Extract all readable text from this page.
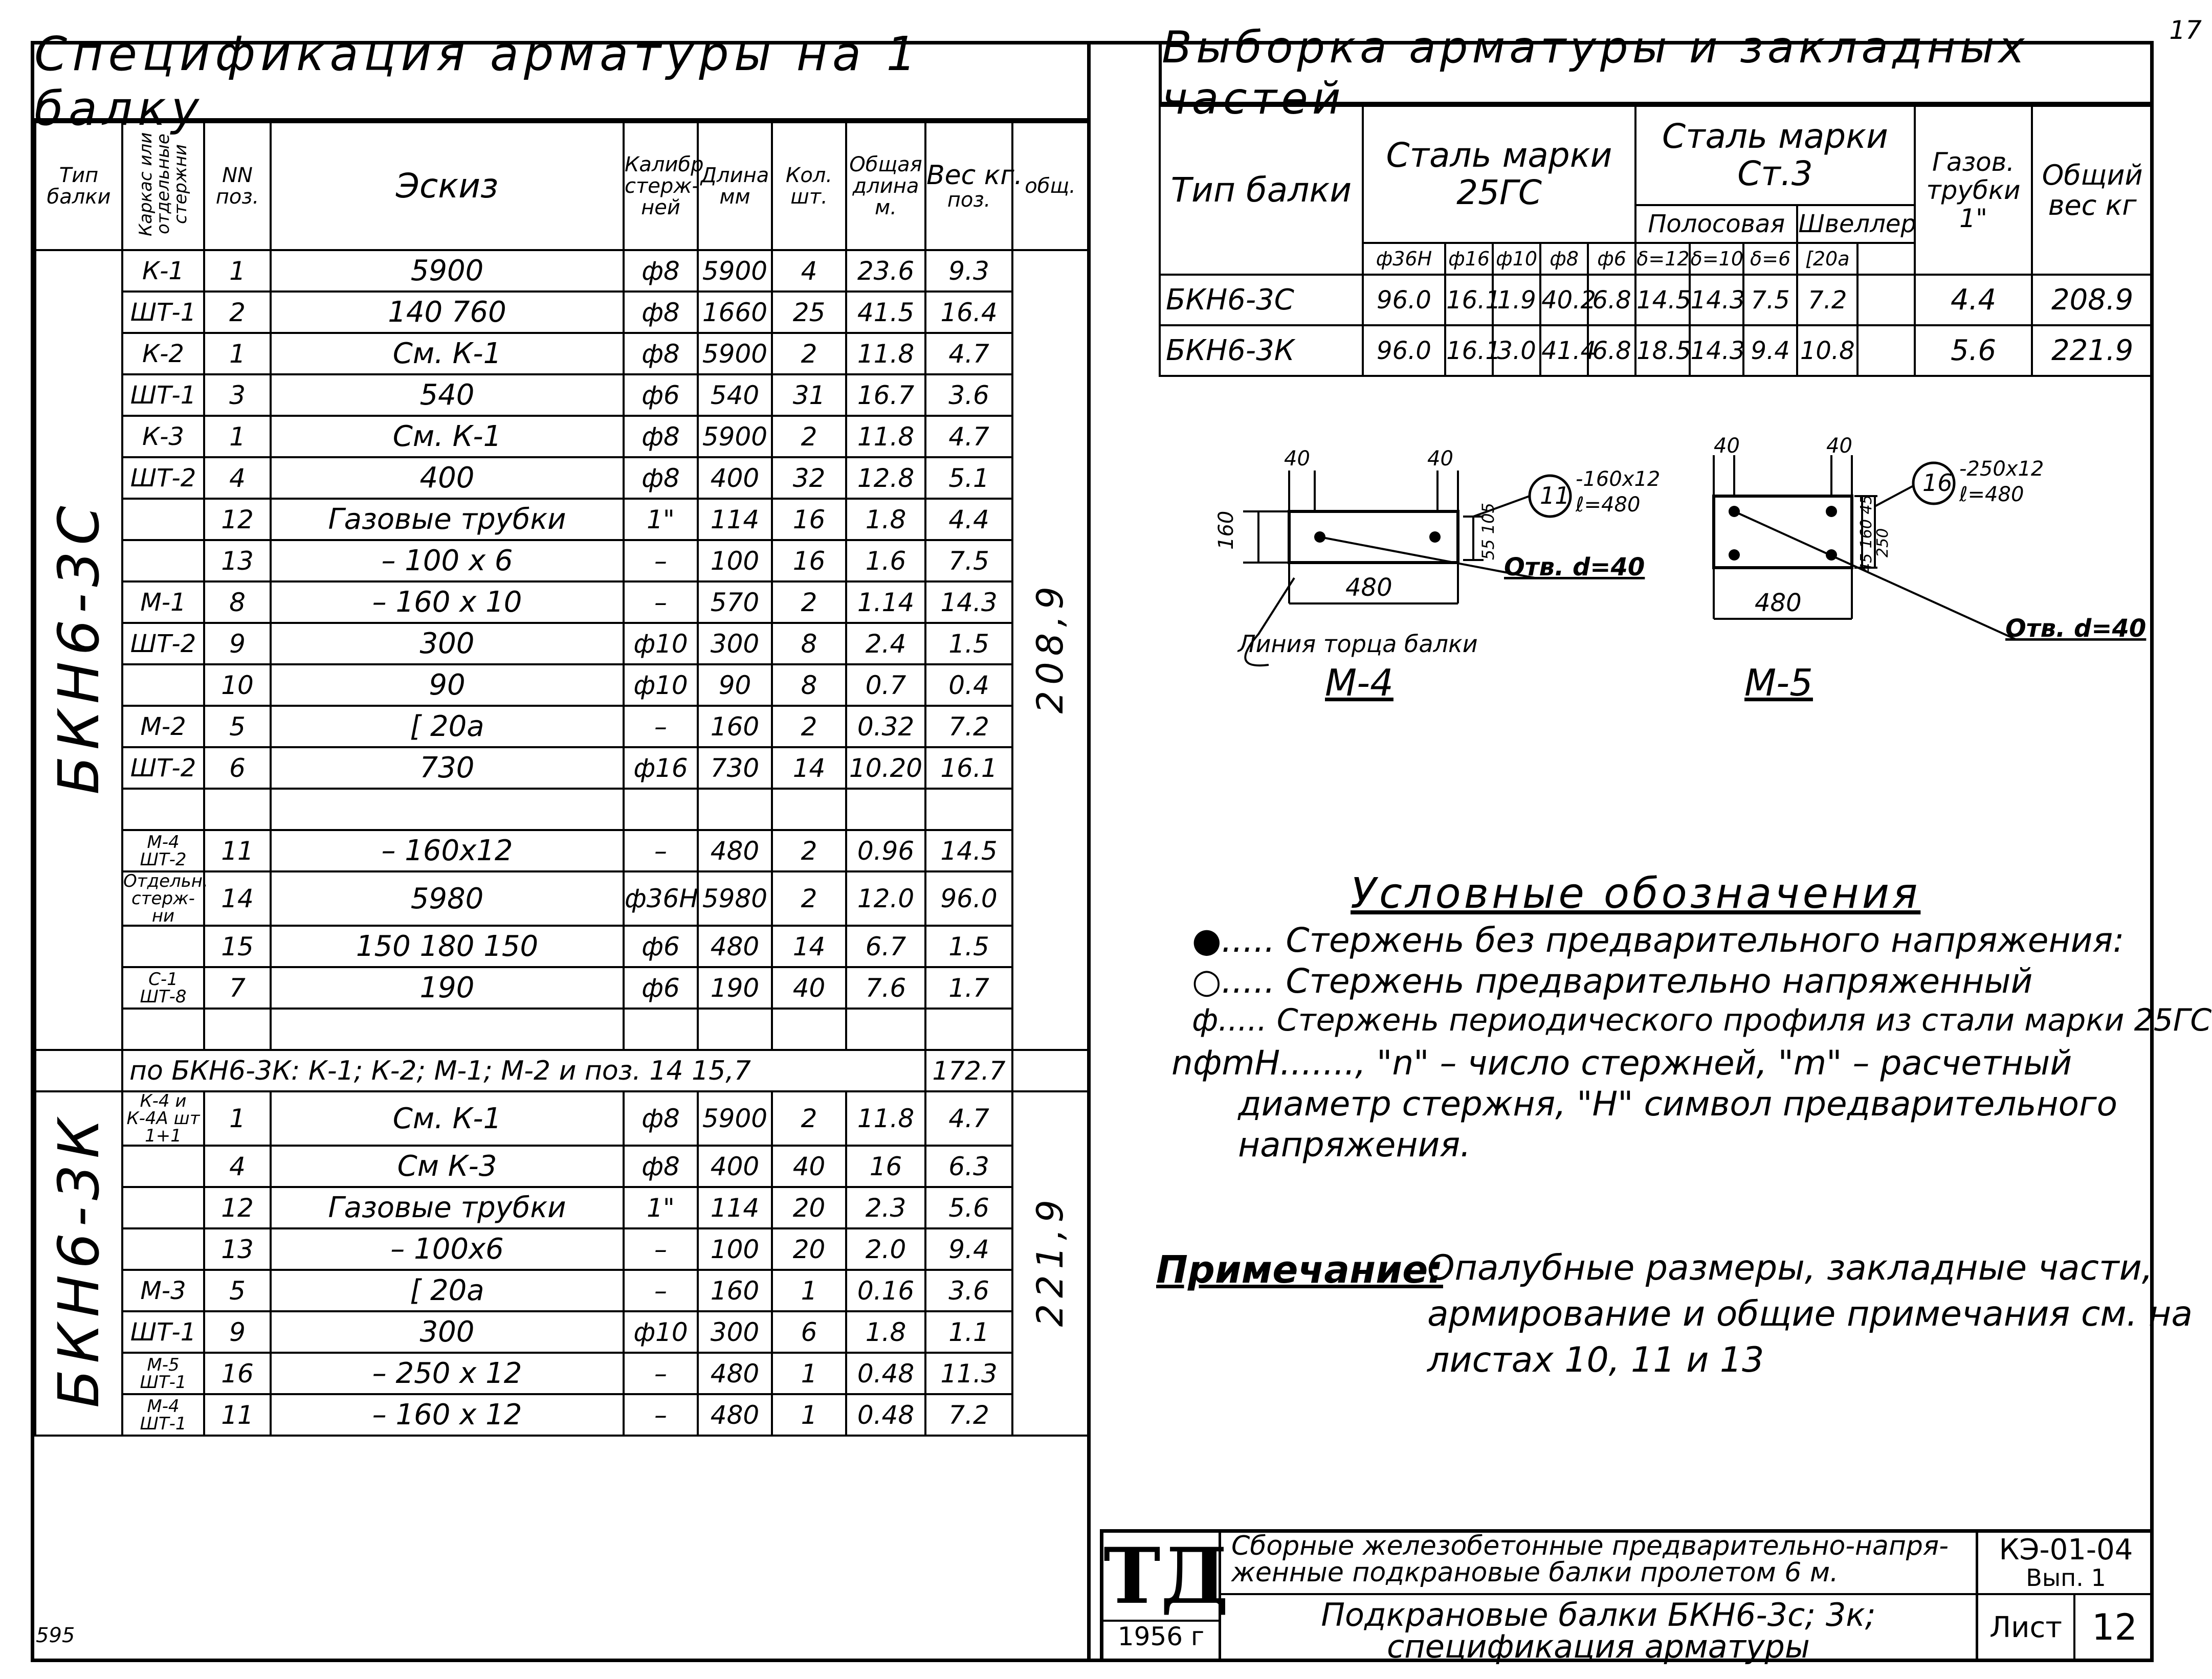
17
595
Спецификация арматуры на 1 балку
Тип балки	Каркас или отдельные стержни	NN поз.	Эскиз	Калибр стерж-ней	Длина мм	Кол. шт.	Общая длина м.	Вес кг.
поз.	общ.
БКН6-3С	К-1	1	5900	ф8	5900	4	23.6	9.3	208,9
	ШТ-1	2	140 760	ф8	1660	25	41.5	16.4	
	К-2	1	См. К-1	ф8	5900	2	11.8	4.7	
	ШТ-1	3	540	ф6	540	31	16.7	3.6	
	К-3	1	См. К-1	ф8	5900	2	11.8	4.7	
	ШТ-2	4	400	ф8	400	32	12.8	5.1	
		12	Газовые трубки	1"	114	16	1.8	4.4	
		13	– 100 x 6	–	100	16	1.6	7.5	
	М-1	8	– 160 x 10	–	570	2	1.14	14.3	
	ШТ-2	9	300	ф10	300	8	2.4	1.5	
		10	90	ф10	90	8	0.7	0.4	
	М-2	5	[ 20а	–	160	2	0.32	7.2	
	ШТ-2	6	730	ф16	730	14	10.20	16.1	

	М-4 ШТ-2	11	– 160x12	–	480	2	0.96	14.5	
	Отдельн. стерж-ни	14	5980	ф36Н	5980	2	12.0	96.0	
		15	150 180 150	ф6	480	14	6.7	1.5	
	С-1 ШТ-8	7	190	ф6	190	40	7.6	1.7	

	по БКН6-3К: К-1; К-2; М-1; М-2 и поз. 14 15,7							172.7	
БКН6-3К	К-4 и К-4А шт 1+1	1	См. К-1	ф8	5900	2	11.8	4.7	221,9
		4	См К-3	ф8	400	40	16	6.3	
		12	Газовые трубки	1"	114	20	2.3	5.6	
		13	– 100x6	–	100	20	2.0	9.4	
	М-3	5	[ 20а	–	160	1	0.16	3.6	
	ШТ-1	9	300	ф10	300	6	1.8	1.1	
	М-5 ШТ-1	16	– 250 x 12	–	480	1	0.48	11.3	
	М-4 ШТ-1	11	– 160 x 12	–	480	1	0.48	7.2	
Выборка арматуры и закладных частей
Тип балки	Сталь марки 25ГС					Сталь марки Ст.3					Газов. трубки 1"	Общий вес кг
						Полосовая			Швеллер			
	ф36Н	ф16	ф10	ф8	ф6	δ=12	δ=10	δ=6	[20а			
БКН6-3С	96.0	16.1	1.9	40.2	6.8	14.5	14.3	7.5	7.2		4.4	208.9
БКН6-3К	96.0	16.1	3.0	41.4	6.8	18.5	14.3	9.4	10.8		5.6	221.9
40	40
160
480
55 105
11
-160x12
ℓ=480
Отв. d=40
Линия торца балки
М-4
40	40
480
45 160 45
250
16 -250x12
ℓ=480
Отв. d=40
М-5
Условные обозначения
●..... Стержень без предварительного напряжения:
○..... Стержень предварительно напряженный
ф..... Стержень периодического профиля из стали марки 25ГС
nфmН......., "n" – число стержней, "m" – расчетный
диаметр стержня, "Н" символ предварительного
напряжения.
Примечание:
Опалубные размеры, закладные части,
армирование и общие примечания см. на
листах 10, 11 и 13
ТД
1956 г
Сборные железобетонные предварительно-напря-
женные подкрановые балки пролетом 6 м.
Подкрановые балки БКН6-3с; 3к;
спецификация арматуры
КЭ-01-04
Вып. 1
Лист 12
